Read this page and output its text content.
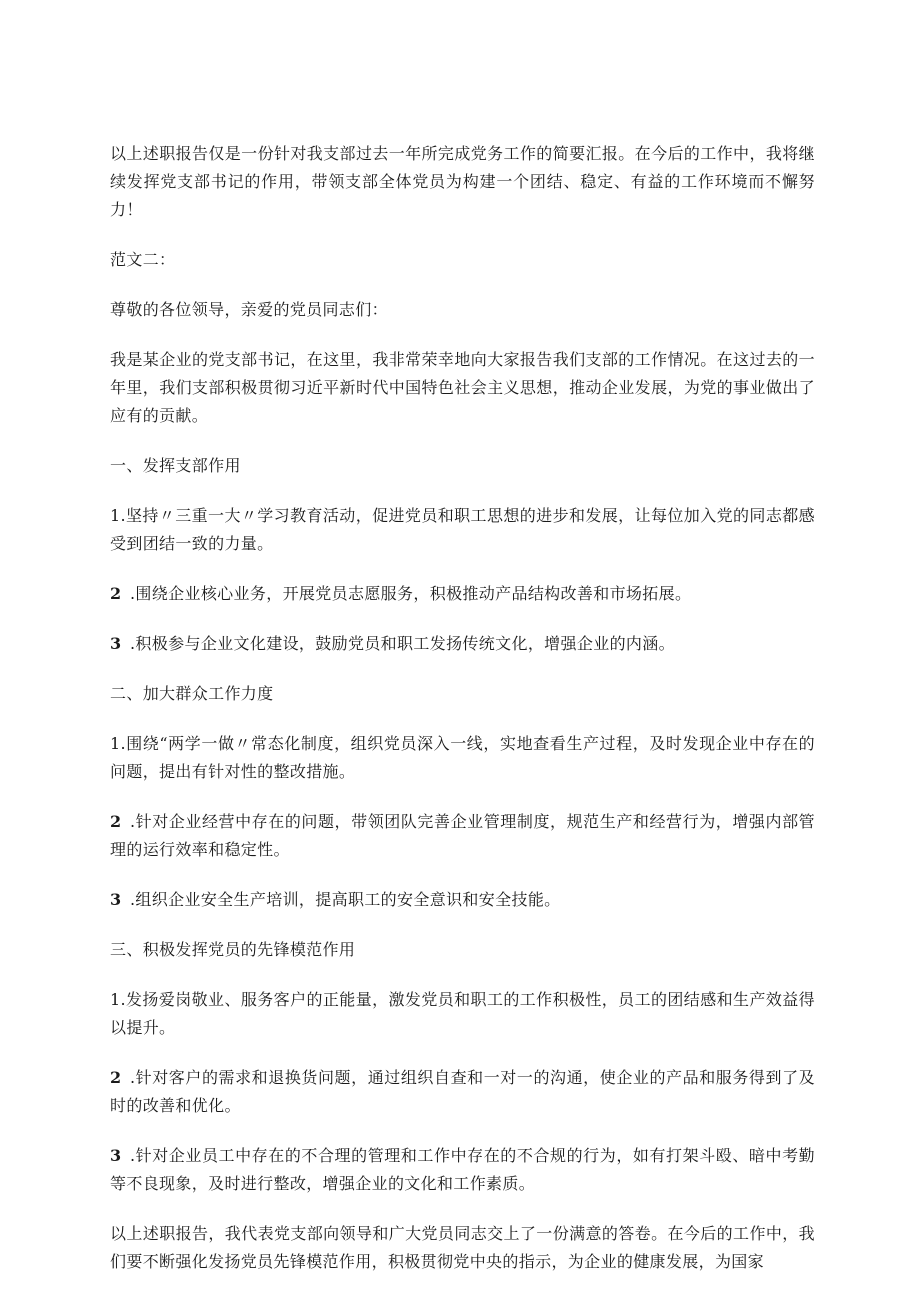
以上述职报告仅是一份针对我支部过去一年所完成党务工作的简要汇报。在今后的工作中，我将继续发挥党支部书记的作用，带领支部全体党员为构建一个团结、稳定、有益的工作环境而不懈努力！

范文二：

尊敬的各位领导，亲爱的党员同志们：

我是某企业的党支部书记，在这里，我非常荣幸地向大家报告我们支部的工作情况。在这过去的一年里，我们支部积极贯彻习近平新时代中国特色社会主义思想，推动企业发展，为党的事业做出了应有的贡献。

一、发挥支部作用

1.坚持〃三重一大〃学习教育活动，促进党员和职工思想的进步和发展，让每位加入党的同志都感受到团结一致的力量。

2 .围绕企业核心业务，开展党员志愿服务，积极推动产品结构改善和市场拓展。

3 .积极参与企业文化建设，鼓励党员和职工发扬传统文化，增强企业的内涵。

二、加大群众工作力度

1.围绕“两学一做〃常态化制度，组织党员深入一线，实地查看生产过程，及时发现企业中存在的问题，提出有针对性的整改措施。

2 .针对企业经营中存在的问题，带领团队完善企业管理制度，规范生产和经营行为，增强内部管理的运行效率和稳定性。

3 .组织企业安全生产培训，提高职工的安全意识和安全技能。

三、积极发挥党员的先锋模范作用

1.发扬爱岗敬业、服务客户的正能量，激发党员和职工的工作积极性，员工的团结感和生产效益得以提升。

2 .针对客户的需求和退换货问题，通过组织自查和一对一的沟通，使企业的产品和服务得到了及时的改善和优化。

3 .针对企业员工中存在的不合理的管理和工作中存在的不合规的行为，如有打架斗殴、暗中考勤等不良现象，及时进行整改，增强企业的文化和工作素质。

以上述职报告，我代表党支部向领导和广大党员同志交上了一份满意的答卷。在今后的工作中，我们要不断强化发扬党员先锋模范作用，积极贯彻党中央的指示，为企业的健康发展，为国家
